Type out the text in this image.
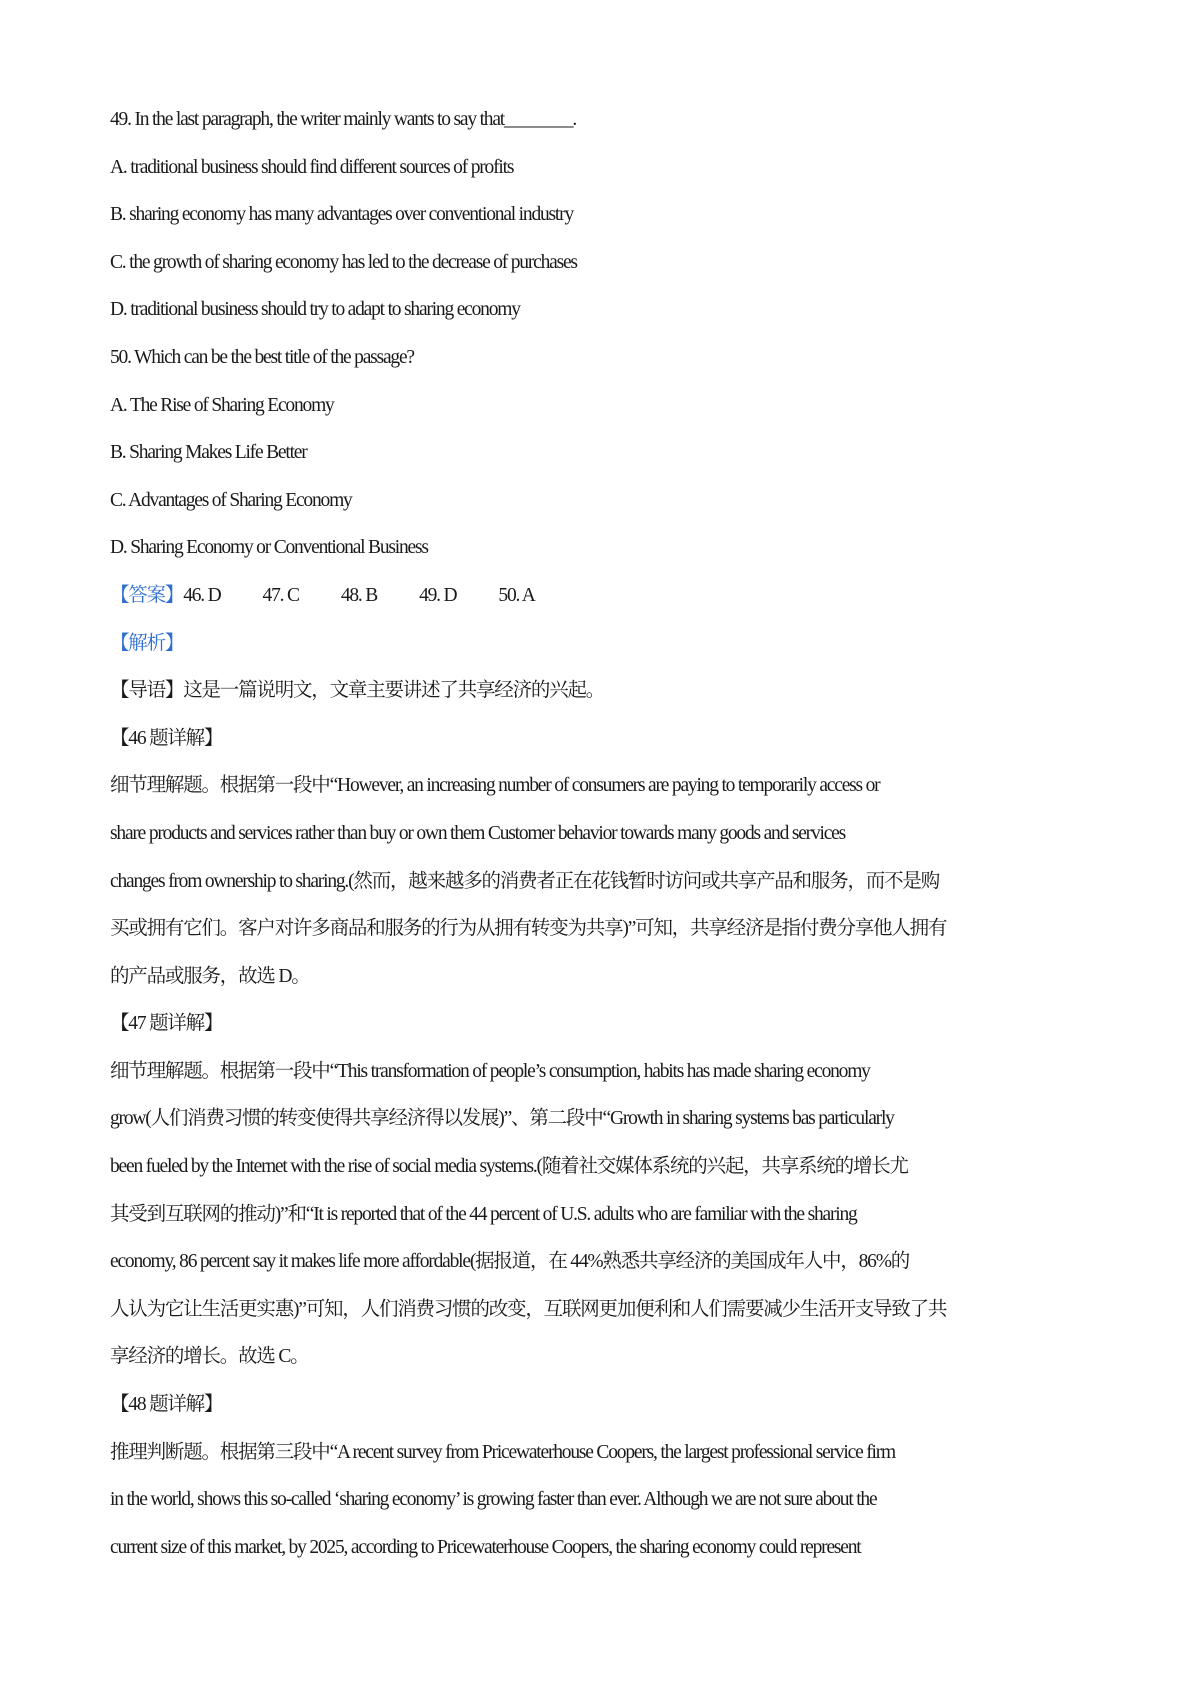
49. In the last paragraph, the writer mainly wants to say that________.

A. traditional business should find different sources of profits

B. sharing economy has many advantages over conventional industry

C. the growth of sharing economy has led to the decrease of purchases

D. traditional business should try to adapt to sharing economy

50. Which can be the best title of the passage?

A. The Rise of Sharing Economy

B. Sharing Makes Life Better

C. Advantages of Sharing Economy

D. Sharing Economy or Conventional Business

【答案】46. D 47. C 48. B 49. D 50. A

【解析】

【导语】这是一篇说明文，文章主要讲述了共享经济的兴起。

【46 题详解】

细节理解题。根据第一段中“However, an increasing number of consumers are paying to temporarily access or

share products and services rather than buy or own them Customer behavior towards many goods and services

changes from ownership to sharing.(然而，越来越多的消费者正在花钱暂时访问或共享产品和服务，而不是购

买或拥有它们。客户对许多商品和服务的行为从拥有转变为共享)”可知，共享经济是指付费分享他人拥有

的产品或服务，故选 D。

【47 题详解】

细节理解题。根据第一段中“This transformation of people’s consumption, habits has made sharing economy

grow(人们消费习惯的转变使得共享经济得以发展)”、第二段中“Growth in sharing systems bas particularly

been fueled by the Internet with the rise of social media systems.(随着社交媒体系统的兴起，共享系统的增长尤

其受到互联网的推动)”和“It is reported that of the 44 percent of U.S. adults who are familiar with the sharing

economy, 86 percent say it makes life more affordable(据报道，在 44%熟悉共享经济的美国成年人中，86%的

人认为它让生活更实惠)”可知，人们消费习惯的改变，互联网更加便利和人们需要减少生活开支导致了共

享经济的增长。故选 C。

【48 题详解】

推理判断题。根据第三段中“A recent survey from Pricewaterhouse Coopers, the largest professional service firm

in the world, shows this so-called ‘sharing economy’ is growing faster than ever. Although we are not sure about the

current size of this market, by 2025, according to Pricewaterhouse Coopers, the sharing economy could represent
